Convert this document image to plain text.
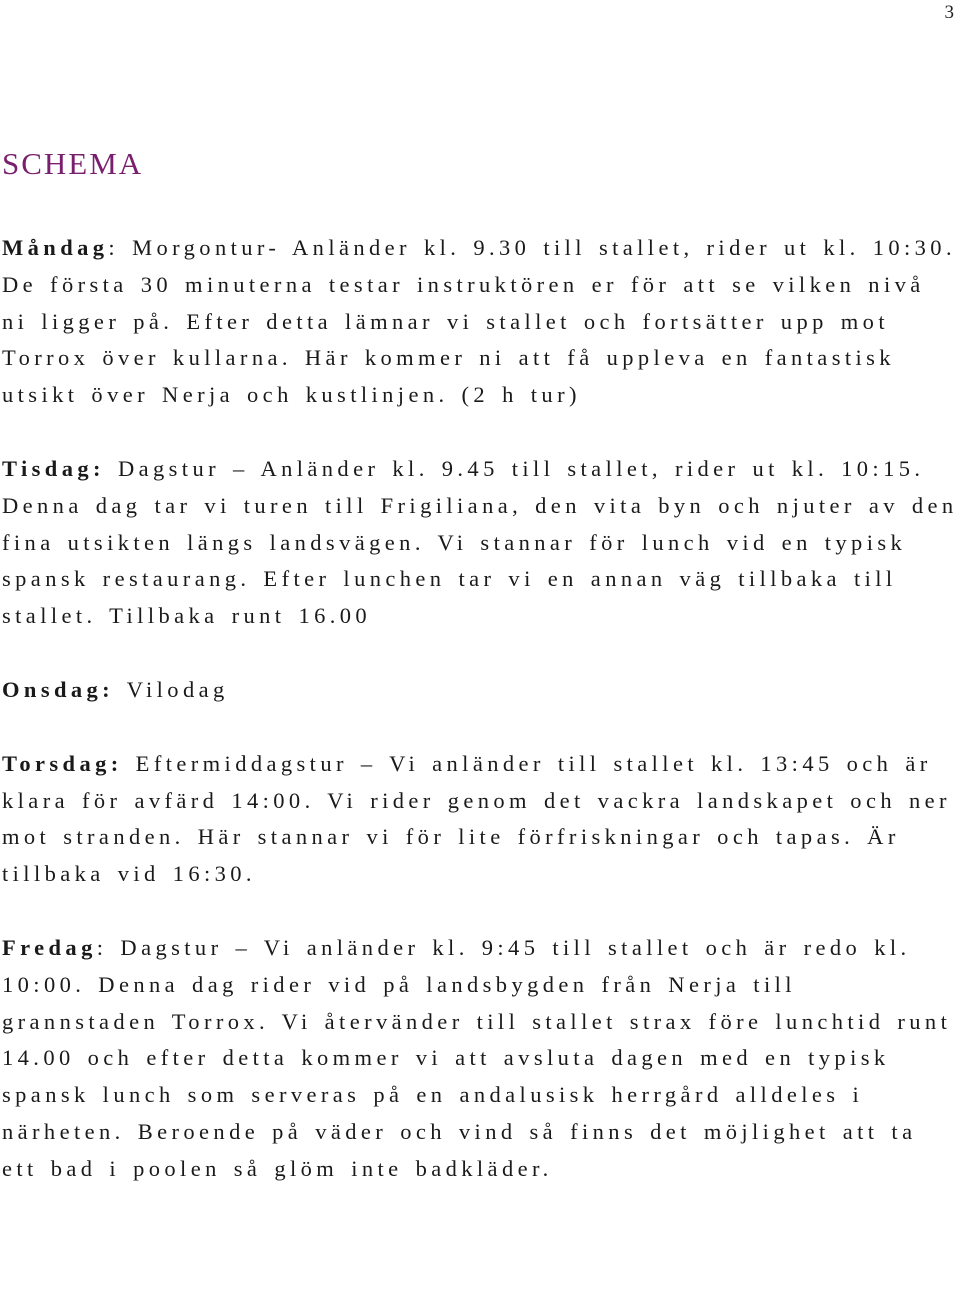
3
SCHEMA

Måndag: Morgontur- Anländer kl. 9.30 till stallet, rider ut kl. 10:30. De första 30 minuterna testar instruktören er för att se vilken nivå ni ligger på. Efter detta lämnar vi stallet och fortsätter upp mot Torrox över kullarna. Här kommer ni att få uppleva en fantastisk utsikt över Nerja och kustlinjen. (2 h tur)

Tisdag: Dagstur – Anländer kl. 9.45 till stallet, rider ut kl. 10:15. Denna dag tar vi turen till Frigiliana, den vita byn och njuter av den fina utsikten längs landsvägen. Vi stannar för lunch vid en typisk spansk restaurang. Efter lunchen tar vi en annan väg tillbaka till stallet. Tillbaka runt 16.00

Onsdag: Vilodag

Torsdag: Eftermiddagstur – Vi anländer till stallet kl. 13:45 och är klara för avfärd 14:00. Vi rider genom det vackra landskapet och ner mot stranden. Här stannar vi för lite förfriskningar och tapas. Är tillbaka vid 16:30.

Fredag: Dagstur – Vi anländer kl. 9:45 till stallet och är redo kl. 10:00. Denna dag rider vid på landsbygden från Nerja till grannstaden Torrox. Vi återvänder till stallet strax före lunchtid runt 14.00 och efter detta kommer vi att avsluta dagen med en typisk spansk lunch som serveras på en andalusisk herrgård alldeles i närheten. Beroende på väder och vind så finns det möjlighet att ta ett bad i poolen så glöm inte badkläder.
